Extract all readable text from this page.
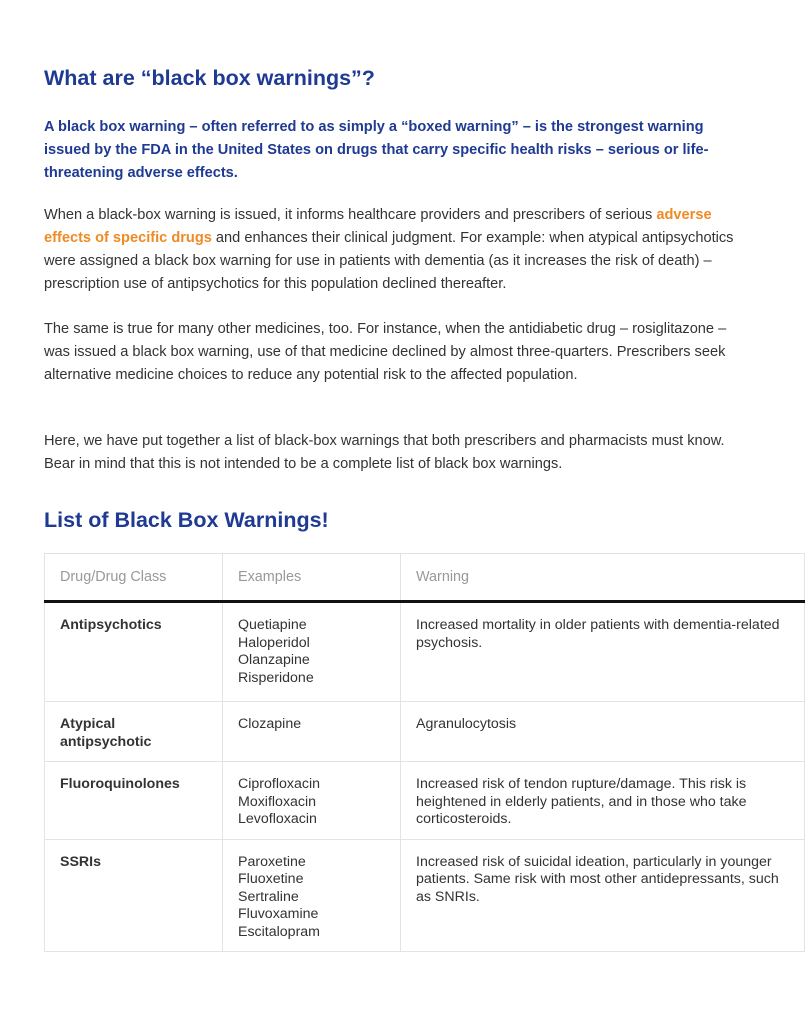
What are “black box warnings”?

A black box warning – often referred to as simply a “boxed warning” – is the strongest warning issued by the FDA in the United States on drugs that carry specific health risks – serious or life-threatening adverse effects.

When a black-box warning is issued, it informs healthcare providers and prescribers of serious adverse effects of specific drugs and enhances their clinical judgment. For example: when atypical antipsychotics were assigned a black box warning for use in patients with dementia (as it increases the risk of death) – prescription use of antipsychotics for this population declined thereafter.

The same is true for many other medicines, too. For instance, when the antidiabetic drug – rosiglitazone – was issued a black box warning, use of that medicine declined by almost three-quarters. Prescribers seek alternative medicine choices to reduce any potential risk to the affected population.

Here, we have put together a list of black-box warnings that both prescribers and pharmacists must know. Bear in mind that this is not intended to be a complete list of black box warnings.

List of Black Box Warnings!
Drug/Drug Class	Examples	Warning
Antipsychotics	Quetiapine
Haloperidol
Olanzapine
Risperidone	Increased mortality in older patients with dementia-related psychosis.
Atypical antipsychotic	Clozapine	Agranulocytosis
Fluoroquinolones	Ciprofloxacin
Moxifloxacin
Levofloxacin	Increased risk of tendon rupture/damage. This risk is heightened in elderly patients, and in those who take corticosteroids.
SSRIs	Paroxetine
Fluoxetine
Sertraline
Fluvoxamine
Escitalopram	Increased risk of suicidal ideation, particularly in younger patients. Same risk with most other antidepressants, such as SNRIs.
